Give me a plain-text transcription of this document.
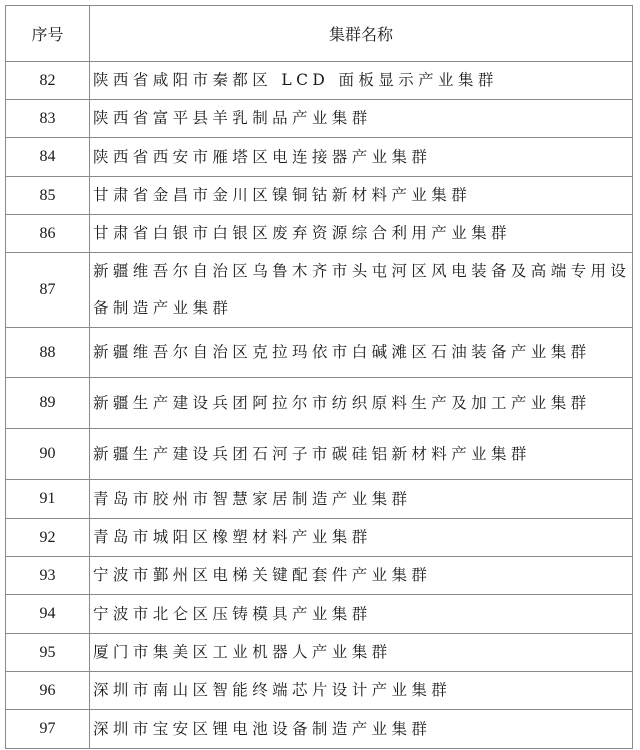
序号	集群名称
82	陕西省咸阳市秦都区 LCD 面板显示产业集群
83	陕西省富平县羊乳制品产业集群
84	陕西省西安市雁塔区电连接器产业集群
85	甘肃省金昌市金川区镍铜钴新材料产业集群
86	甘肃省白银市白银区废弃资源综合利用产业集群
87	新疆维吾尔自治区乌鲁木齐市头屯河区风电装备及高端专用设备制造产业集群
88	新疆维吾尔自治区克拉玛依市白碱滩区石油装备产业集群
89	新疆生产建设兵团阿拉尔市纺织原料生产及加工产业集群
90	新疆生产建设兵团石河子市碳硅铝新材料产业集群
91	青岛市胶州市智慧家居制造产业集群
92	青岛市城阳区橡塑材料产业集群
93	宁波市鄞州区电梯关键配套件产业集群
94	宁波市北仑区压铸模具产业集群
95	厦门市集美区工业机器人产业集群
96	深圳市南山区智能终端芯片设计产业集群
97	深圳市宝安区锂电池设备制造产业集群
